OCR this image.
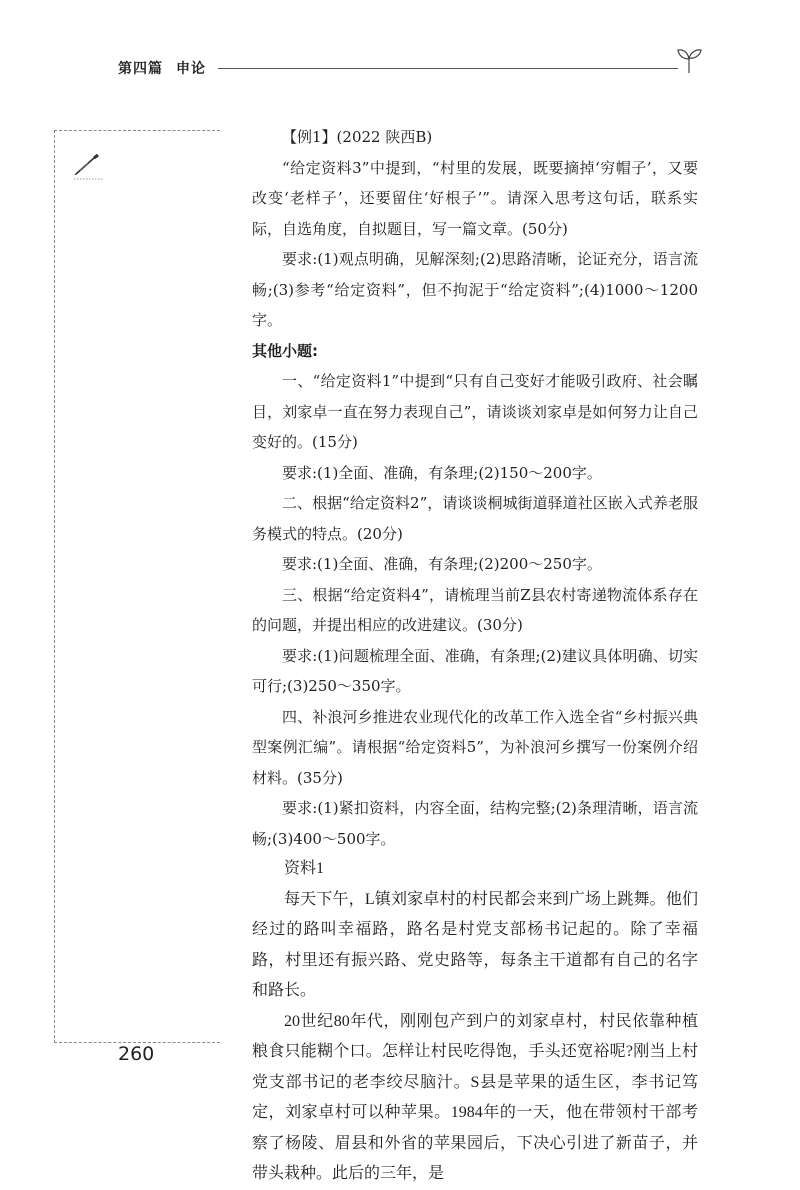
第四篇 申论

【例1】(2022 陕西B)

“给定资料3”中提到，“村里的发展，既要摘掉‘穷帽子’，又要改变‘老样子’，还要留住‘好根子’”。请深入思考这句话，联系实际，自选角度，自拟题目，写一篇文章。(50分)

要求:(1)观点明确，见解深刻;(2)思路清晰，论证充分，语言流畅;(3)参考“给定资料”，但不拘泥于“给定资料”;(4)1000～1200字。

其他小题:

一、“给定资料1”中提到“只有自己变好才能吸引政府、社会瞩目，刘家卓一直在努力表现自己”，请谈谈刘家卓是如何努力让自己变好的。(15分)

要求:(1)全面、准确，有条理;(2)150～200字。

二、根据“给定资料2”，请谈谈桐城街道驿道社区嵌入式养老服务模式的特点。(20分)

要求:(1)全面、准确，有条理;(2)200～250字。

三、根据“给定资料4”，请梳理当前Z县农村寄递物流体系存在的问题，并提出相应的改进建议。(30分)

要求:(1)问题梳理全面、准确，有条理;(2)建议具体明确、切实可行;(3)250～350字。

四、补浪河乡推进农业现代化的改革工作入选全省“乡村振兴典型案例汇编”。请根据“给定资料5”，为补浪河乡撰写一份案例介绍材料。(35分)

要求:(1)紧扣资料，内容全面，结构完整;(2)条理清晰，语言流畅;(3)400～500字。

资料1

每天下午，L镇刘家卓村的村民都会来到广场上跳舞。他们经过的路叫幸福路，路名是村党支部杨书记起的。除了幸福路，村里还有振兴路、党史路等，每条主干道都有自己的名字和路长。

20世纪80年代，刚刚包产到户的刘家卓村，村民依靠种植粮食只能糊个口。怎样让村民吃得饱，手头还宽裕呢?刚当上村党支部书记的老李绞尽脑汁。S县是苹果的适生区，李书记笃定，刘家卓村可以种苹果。1984年的一天，他在带领村干部考察了杨陵、眉县和外省的苹果园后，下决心引进了新苗子，并带头栽种。此后的三年，是

260
